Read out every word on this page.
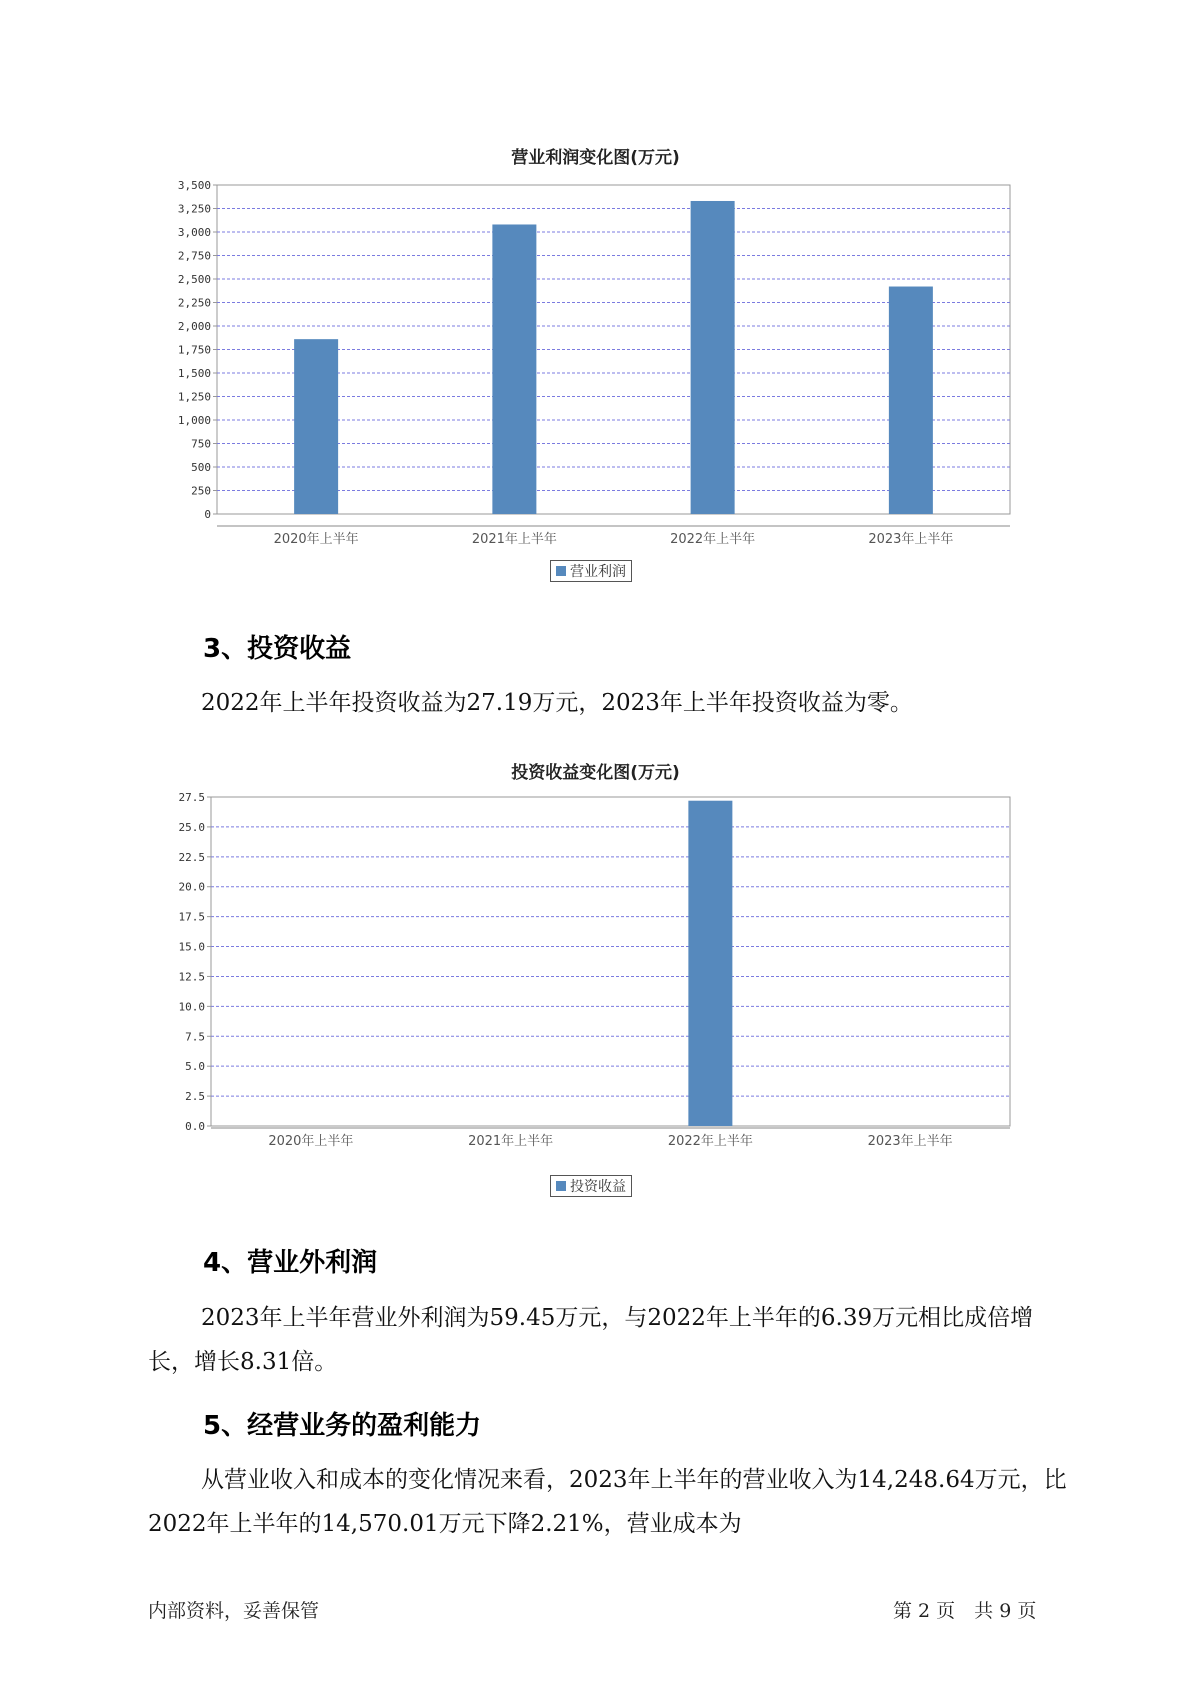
营业利润变化图(万元)
0
250
500
750
1,000
1,250
1,500
1,750
2,000
2,250
2,500
2,750
3,000
3,250
3,500
2020年上半年	2021年上半年	2022年上半年	2023年上半年
营业利润
3、投资收益

2022年上半年投资收益为27.19万元，2023年上半年投资收益为零。

投资收益变化图(万元)
0.0
2.5
5.0
7.5
10.0
12.5
15.0
17.5
20.0
22.5
25.0
27.5
2020年上半年	2021年上半年	2022年上半年	2023年上半年
投资收益
4、营业外利润

2023年上半年营业外利润为59.45万元，与2022年上半年的6.39万元相比成倍增长，增长8.31倍。

5、经营业务的盈利能力

从营业收入和成本的变化情况来看，2023年上半年的营业收入为14,248.64万元，比2022年上半年的14,570.01万元下降2.21%，营业成本为

内部资料，妥善保管	第 2 页　共 9 页
